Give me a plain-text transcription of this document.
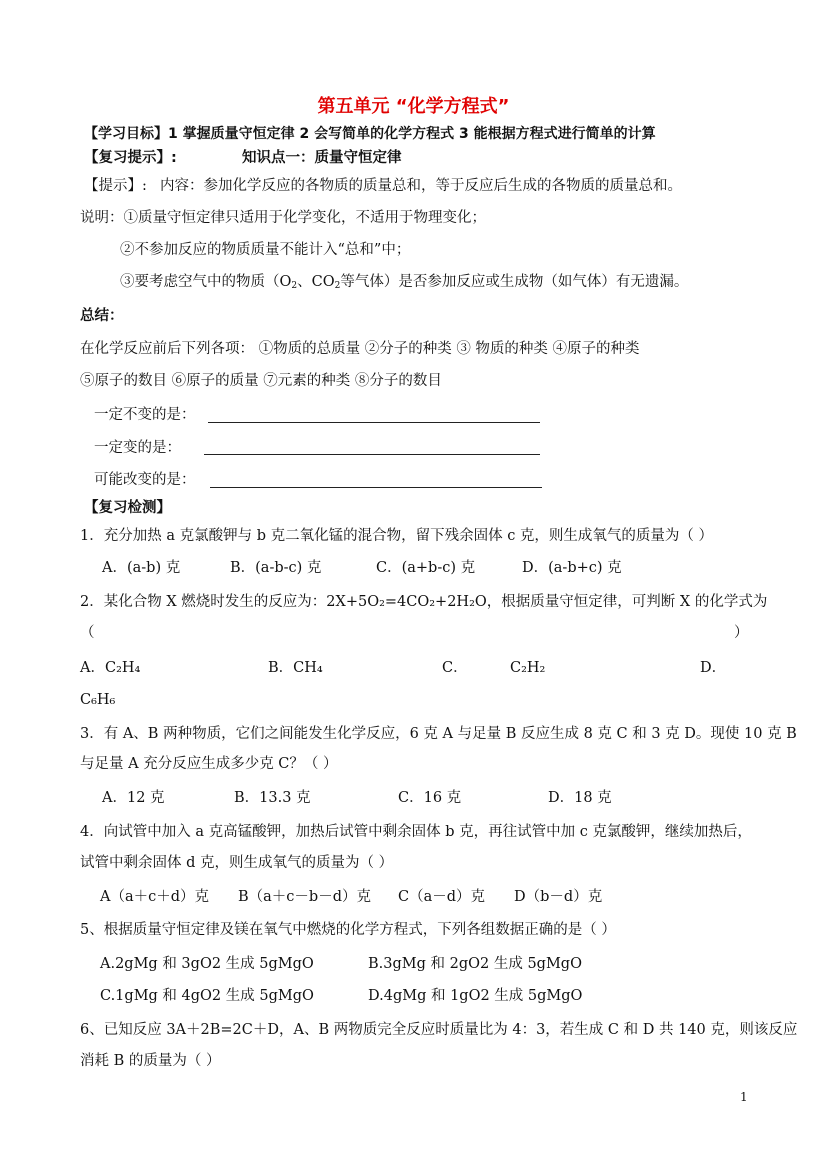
第五单元 “化学方程式”
【学习目标】1 掌握质量守恒定律 2 会写简单的化学方程式 3 能根据方程式进行简单的计算
【复习提示】:	知识点一：质量守恒定律
【提示】: 内容：参加化学反应的各物质的质量总和，等于反应后生成的各物质的质量总和。
说明：①质量守恒定律只适用于化学变化，不适用于物理变化；
②不参加反应的物质质量不能计入“总和”中；
③要考虑空气中的物质（$O_2$、$CO_2$等气体）是否参加反应或生成物（如气体）有无遗漏。
总结：
在化学反应前后下列各项： ①物质的总质量 ②分子的种类 ③ 物质的种类 ④原子的种类
⑤原子的数目 ⑥原子的质量 ⑦元素的种类 ⑧分子的数目
一定不变的是：
一定变的是：
可能改变的是：
【复习检测】
1．充分加热 a 克氯酸钾与 b 克二氧化锰的混合物，留下残余固体 c 克，则生成氧气的质量为（ ）
A．(a-b) 克	B．(a-b-c) 克	C．(a+b-c) 克	D．(a-b+c) 克
2．某化合物 X 燃烧时发生的反应为：2X+5O₂=4CO₂+2H₂O，根据质量守恒定律，可判断 X 的化学式为
（	）
A．C₂H₄	B．CH₄	C．	C₂H₂	D．
C₆H₆
3．有 A、B 两种物质，它们之间能发生化学反应，6 克 A 与足量 B 反应生成 8 克 C 和 3 克 D。现使 10 克 B
与足量 A 充分反应生成多少克 C？（ ）
A．12 克	B．13.3 克	C．16 克	D．18 克
4．向试管中加入 a 克高锰酸钾，加热后试管中剩余固体 b 克，再往试管中加 c 克氯酸钾，继续加热后，
试管中剩余固体 d 克，则生成氧气的质量为（ ）
A（a＋c＋d）克 B（a＋c－b－d）克 C（a－d）克 D（b－d）克
5、根据质量守恒定律及镁在氧气中燃烧的化学方程式，下列各组数据正确的是（ ）
A.2gMg 和 3gO2 生成 5gMgO	B.3gMg 和 2gO2 生成 5gMgO
C.1gMg 和 4gO2 生成 5gMgO	D.4gMg 和 1gO2 生成 5gMgO
6、已知反应 3A＋2B=2C＋D，A、B 两物质完全反应时质量比为 4：3，若生成 C 和 D 共 140 克，则该反应
消耗 B 的质量为（ ）
1
